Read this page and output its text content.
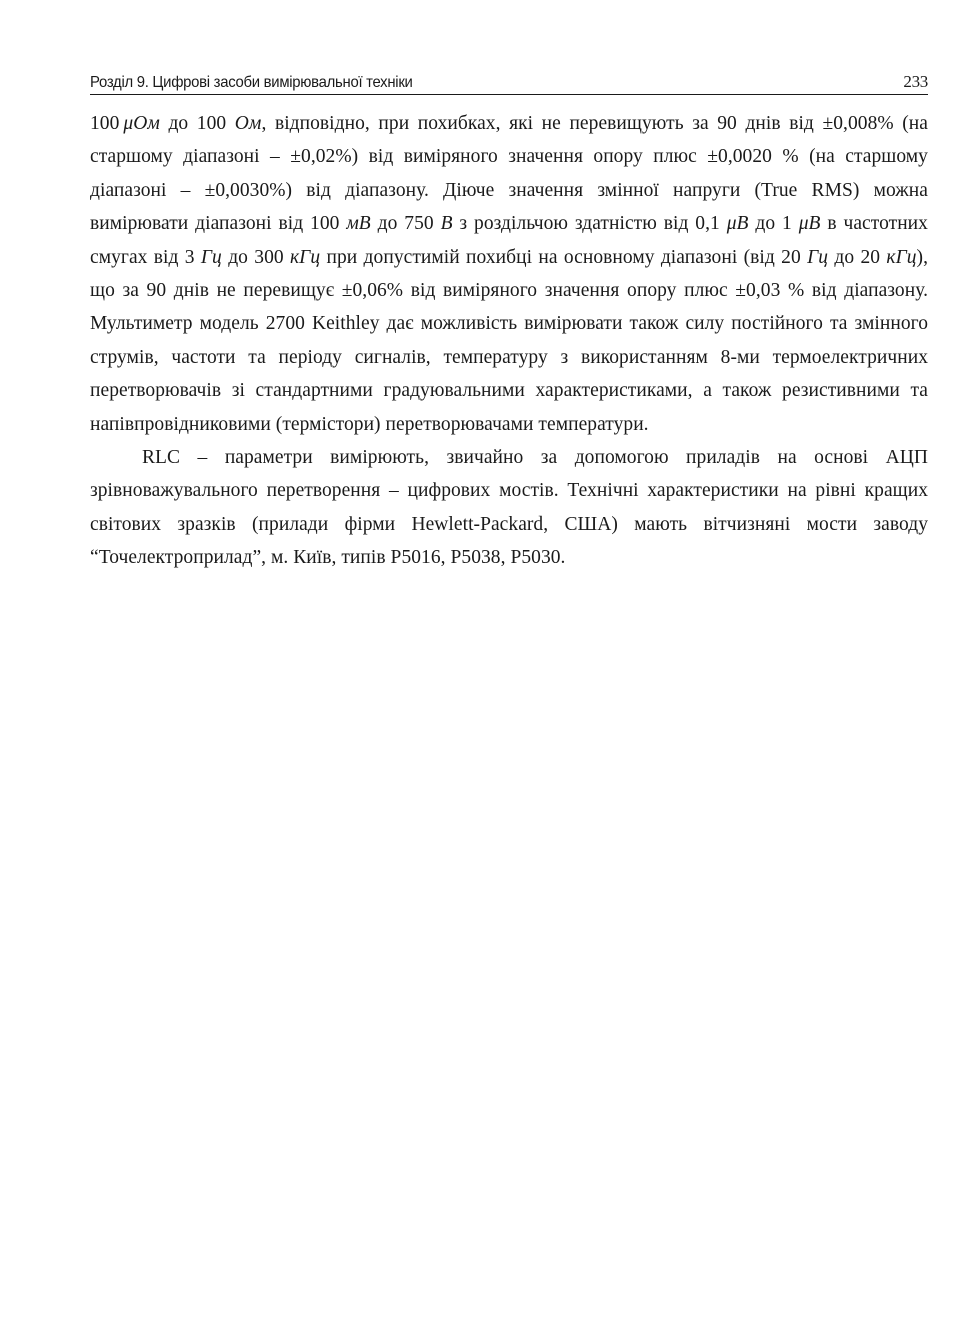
Розділ 9. Цифрові засоби вимірювальної техніки	233

100  μОм до 100 Ом, відповідно, при похибках, які не перевищують за 90 днів від ±0,008% (на старшому діапазоні – ±0,02%) від виміряного значення опору плюс ±0,0020 % (на старшому діапазоні – ±0,0030%) від діапазону. Діюче значення змінної напруги (True RMS) можна вимірювати діапазоні від 100 мВ до 750 В з роздільчою здатністю від 0,1 μВ до 1 μВ в частотних смугах від 3 Гц до 300 кГц при допустимій похибці на основному діапазоні (від 20 Гц до 20 кГц), що за 90 днів не перевищує ±0,06% від виміряного значення опору плюс ±0,03 % від діапазону. Мультиметр модель 2700 Keithley дає можливість вимірювати також силу постійного та змінного струмів, частоти та періоду сигналів, температуру з використанням 8-ми термоелектричних перетворювачів зі стандартними градуювальними характеристиками, а також резистивними та напівпровідниковими (термістори) перетворювачами температури.

RLC – параметри вимірюють, звичайно за допомогою приладів на основі АЦП зрівноважувального перетворення – цифрових мостів. Технічні характеристики на рівні кращих світових зразків (прилади фірми Hewlett-Packard, США) мають вітчизняні мости заводу “Точелектроприлад”, м. Київ, типів Р5016, Р5038, Р5030.
